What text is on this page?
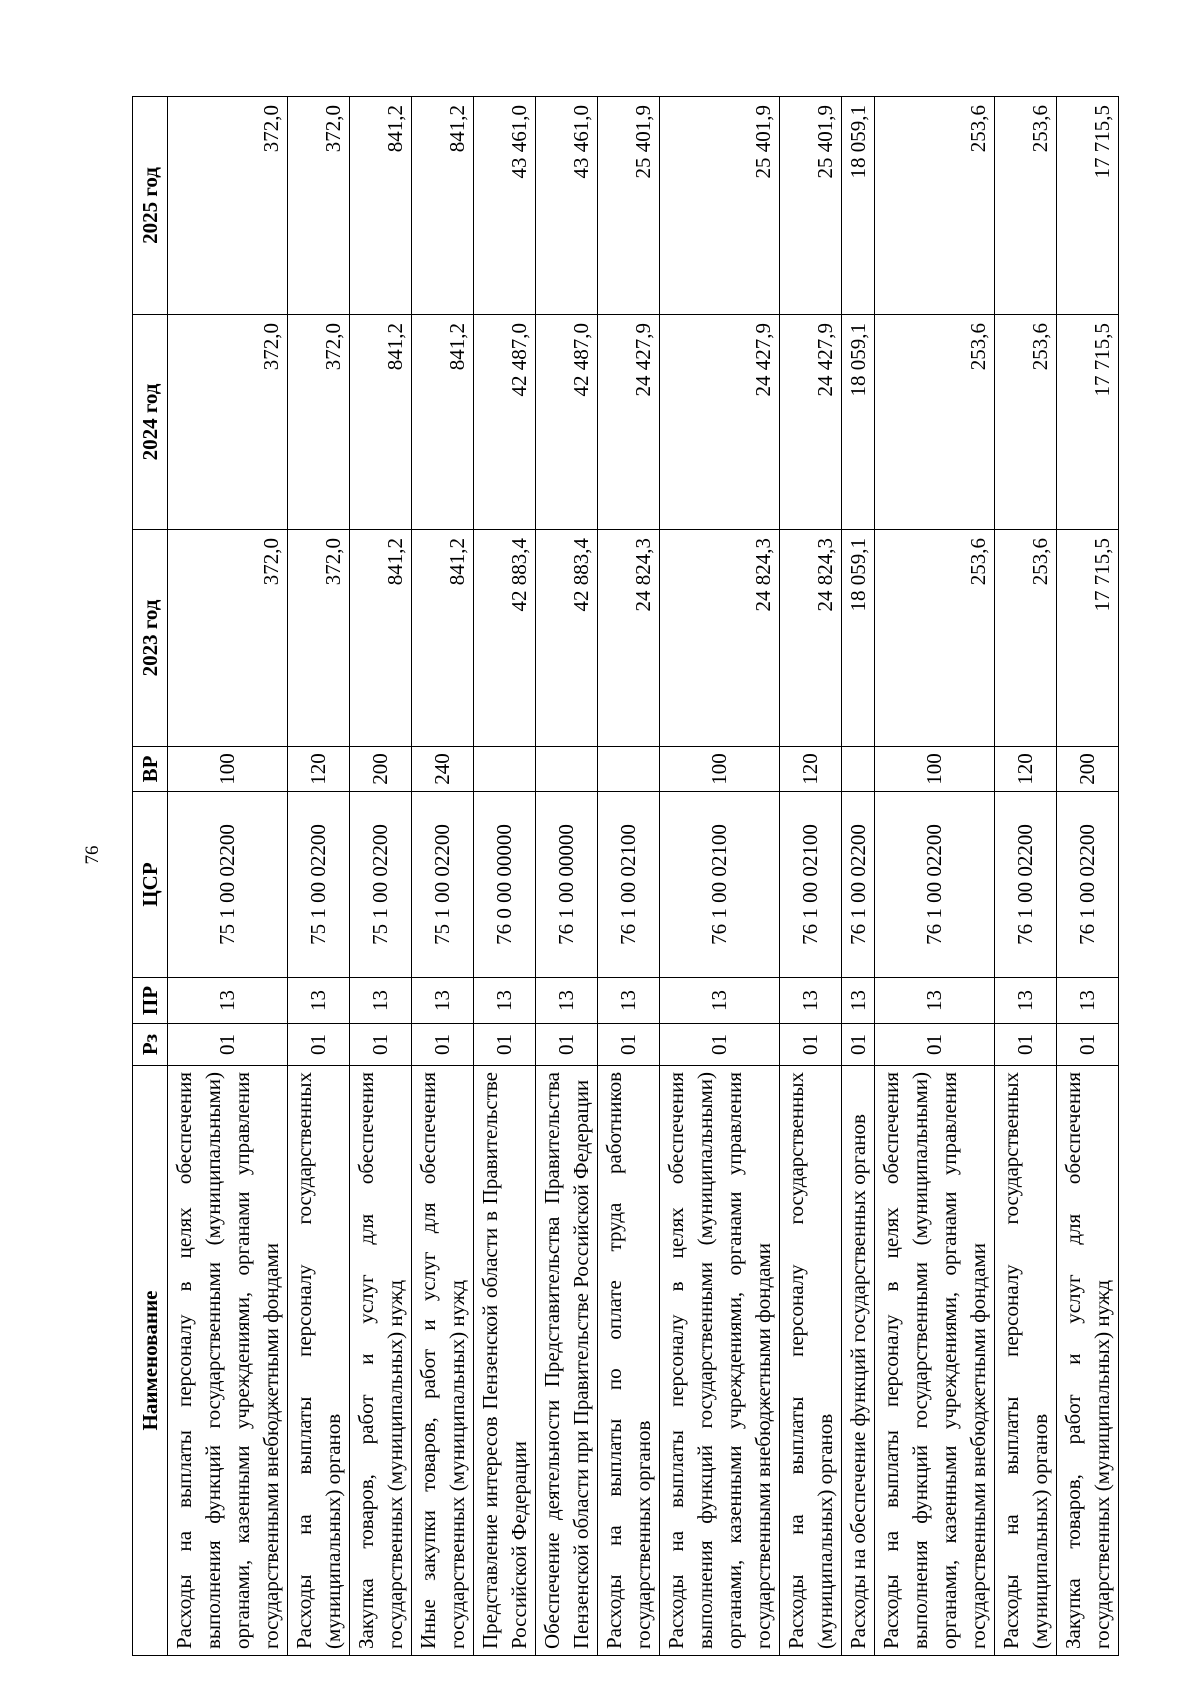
76
Наименование	Рз	ПР	ЦСР	ВР	2023 год	2024 год	2025 год
Расходы на выплаты персоналу в целях обеспечения выполнения функций государственными (муниципальными) органами, казенными учреждениями, органами управления государственными внебюджетными фондами	01	13	75 1 00 02200	100	372,0	372,0	372,0
Расходы на выплаты персоналу государственных (муниципальных) органов	01	13	75 1 00 02200	120	372,0	372,0	372,0
Закупка товаров, работ и услуг для обеспечения государственных (муниципальных) нужд	01	13	75 1 00 02200	200	841,2	841,2	841,2
Иные закупки товаров, работ и услуг для обеспечения государственных (муниципальных) нужд	01	13	75 1 00 02200	240	841,2	841,2	841,2
Представление интересов Пензенской области в Правительстве Российской Федерации	01	13	76 0 00 00000		42 883,4	42 487,0	43 461,0
Обеспечение деятельности Представительства Правительства Пензенской области при Правительстве Российской Федерации	01	13	76 1 00 00000		42 883,4	42 487,0	43 461,0
Расходы на выплаты по оплате труда работников государственных органов	01	13	76 1 00 02100		24 824,3	24 427,9	25 401,9
Расходы на выплаты персоналу в целях обеспечения выполнения функций государственными (муниципальными) органами, казенными учреждениями, органами управления государственными внебюджетными фондами	01	13	76 1 00 02100	100	24 824,3	24 427,9	25 401,9
Расходы на выплаты персоналу государственных (муниципальных) органов	01	13	76 1 00 02100	120	24 824,3	24 427,9	25 401,9
Расходы на обеспечение функций государственных органов	01	13	76 1 00 02200		18 059,1	18 059,1	18 059,1
Расходы на выплаты персоналу в целях обеспечения выполнения функций государственными (муниципальными) органами, казенными учреждениями, органами управления государственными внебюджетными фондами	01	13	76 1 00 02200	100	253,6	253,6	253,6
Расходы на выплаты персоналу государственных (муниципальных) органов	01	13	76 1 00 02200	120	253,6	253,6	253,6
Закупка товаров, работ и услуг для обеспечения государственных (муниципальных) нужд	01	13	76 1 00 02200	200	17 715,5	17 715,5	17 715,5
